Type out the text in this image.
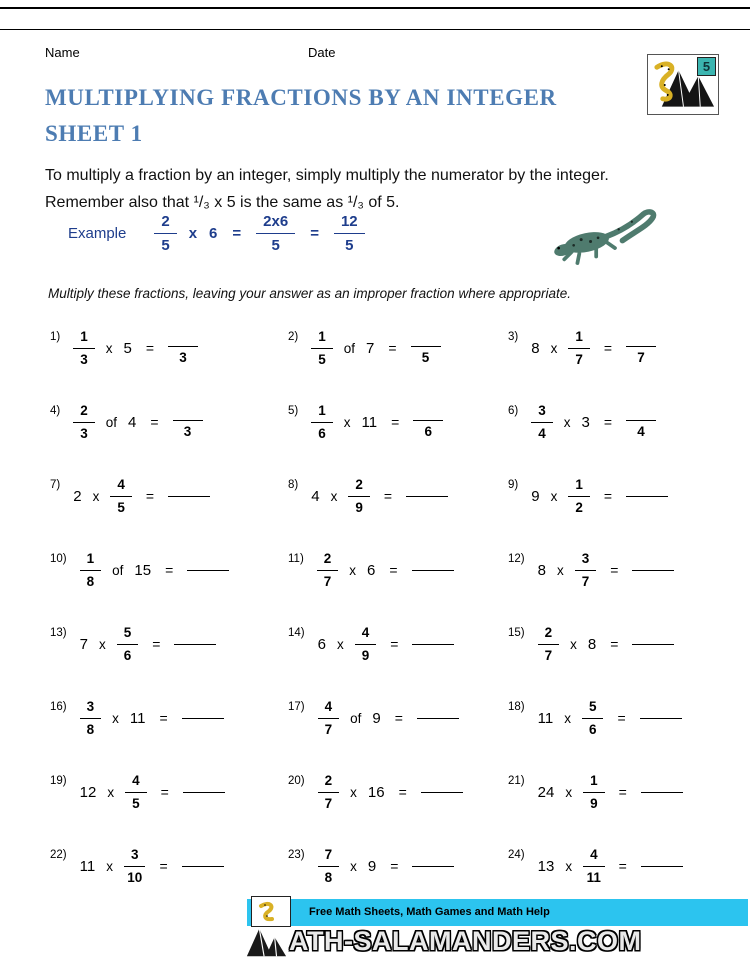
Name	Date
5
MULTIPLYING FRACTIONS BY AN INTEGER
SHEET 1

To multiply a fraction by an integer, simply multiply the numerator by the integer.
Remember also that ¹/₃ x 5 is the same as ¹/₃ of 5.

Example $\frac{2}{5}$ x $6 = \frac{2x6}{5} = \frac{12}{5}$

Multiply these fractions, leaving your answer as an improper fraction where appropriate.

$1) \frac{1}{3}$ x 5 =
3
$2) \frac{1}{5}$ of 7 =
5
3)
8 x $\frac{1}{7}$ =
7
$4) \frac{2}{3}$ of 4 =
3
$5) \frac{1}{6}$ x 11 =
6
$6) \frac{3}{4}$ x 3 =
4
7)
2 x $\frac{4}{5}$ =
8)
4 x $\frac{2}{9}$ =
9)
9 x $\frac{1}{2}$ =
$10) \frac{1}{8}$ of 15 =
$11) \frac{2}{7}$ x 6 =
12)
8 x $\frac{3}{7}$ =
13)
7 x $\frac{5}{6}$ =
14)
6 x $\frac{4}{9}$ =
$15) \frac{2}{7}$ x 8 =
$16) \frac{3}{8}$ x 11 =
$17) \frac{4}{7}$ of 9 =
18)
11 x $\frac{5}{6}$ =
19)
12 x $\frac{4}{5}$ =
$20) \frac{2}{7}$ x 16 =
21)
24 x $\frac{1}{9}$ =
22)
11 x $\frac{3}{10}$ =
$23) \frac{7}{8}$ x 9 =
24)
13 x $\frac{4}{11}$ =
Free Math Sheets, Math Games and Math Help
ATH-SALAMANDERS.COM
